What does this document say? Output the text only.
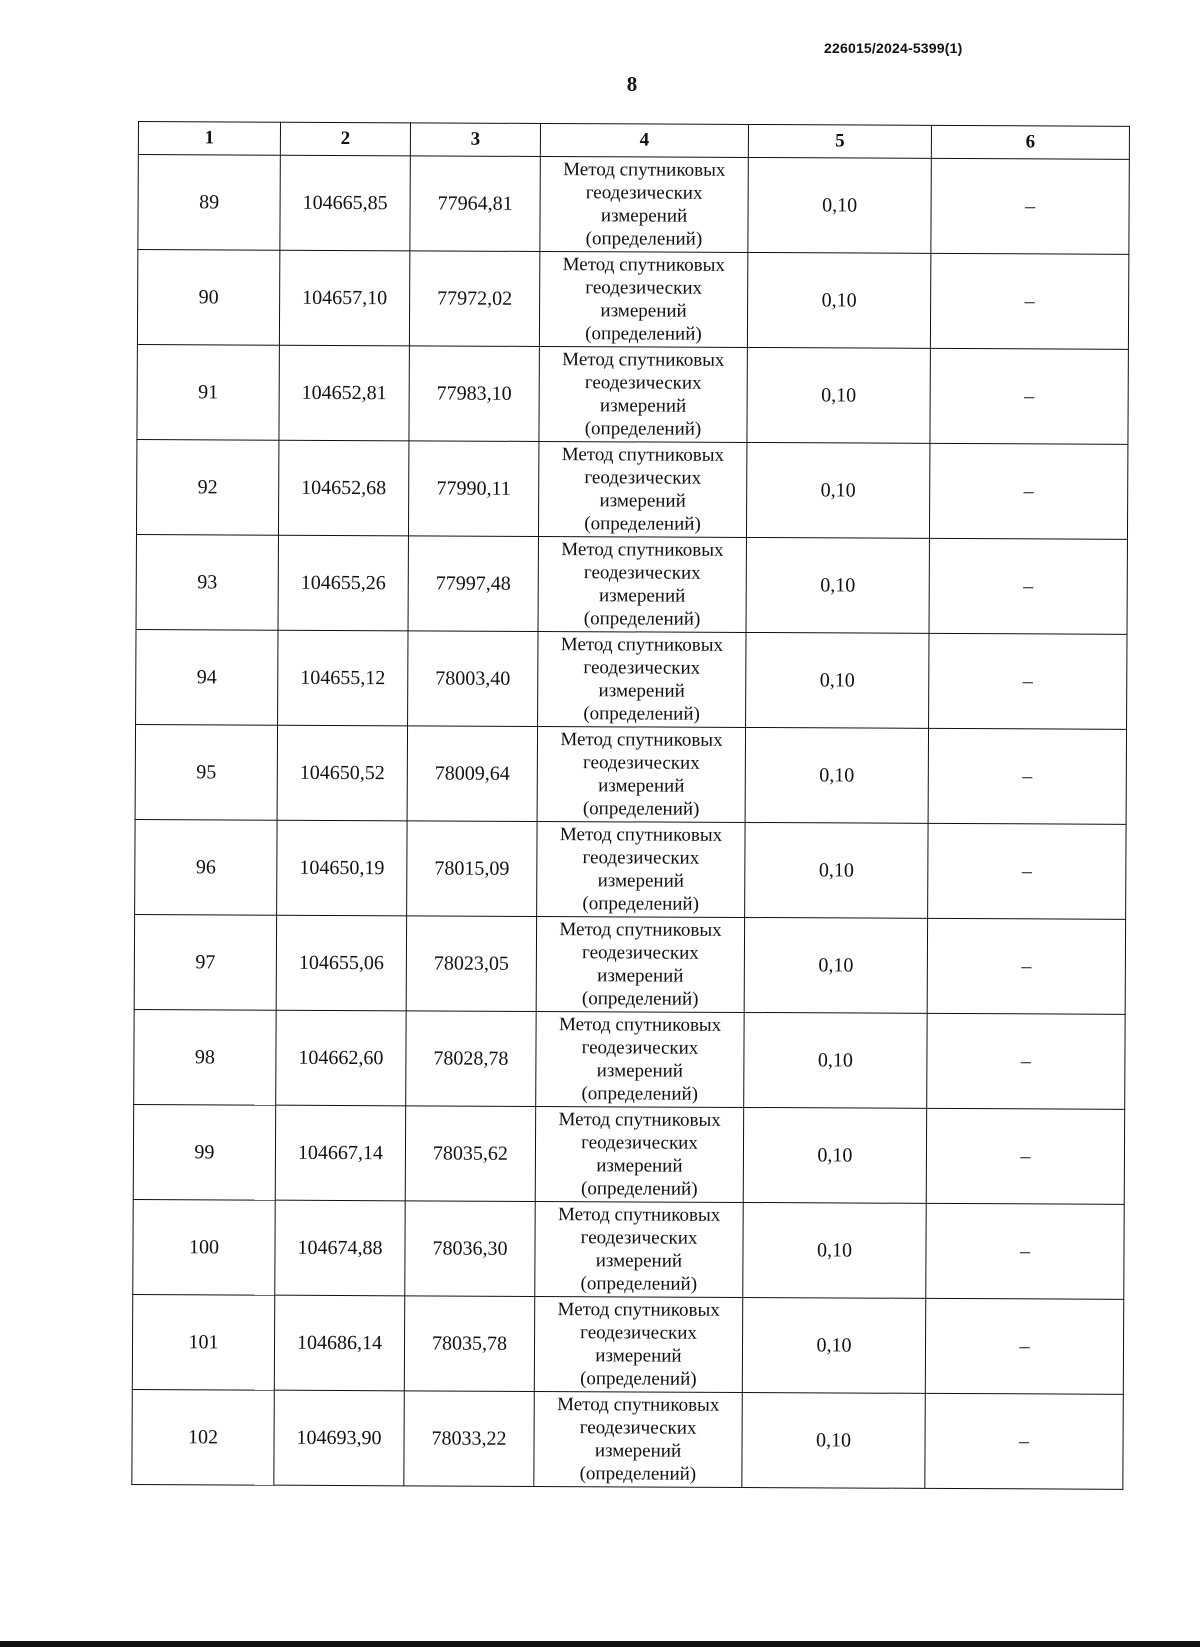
226015/2024-5399(1)
8
1	2	3	4	5	6
89	104665,85	77964,81	Метод спутниковых
геодезических
измерений
(определений)	0,10	–
90	104657,10	77972,02	Метод спутниковых
геодезических
измерений
(определений)	0,10	–
91	104652,81	77983,10	Метод спутниковых
геодезических
измерений
(определений)	0,10	–
92	104652,68	77990,11	Метод спутниковых
геодезических
измерений
(определений)	0,10	–
93	104655,26	77997,48	Метод спутниковых
геодезических
измерений
(определений)	0,10	–
94	104655,12	78003,40	Метод спутниковых
геодезических
измерений
(определений)	0,10	–
95	104650,52	78009,64	Метод спутниковых
геодезических
измерений
(определений)	0,10	–
96	104650,19	78015,09	Метод спутниковых
геодезических
измерений
(определений)	0,10	–
97	104655,06	78023,05	Метод спутниковых
геодезических
измерений
(определений)	0,10	–
98	104662,60	78028,78	Метод спутниковых
геодезических
измерений
(определений)	0,10	–
99	104667,14	78035,62	Метод спутниковых
геодезических
измерений
(определений)	0,10	–
100	104674,88	78036,30	Метод спутниковых
геодезических
измерений
(определений)	0,10	–
101	104686,14	78035,78	Метод спутниковых
геодезических
измерений
(определений)	0,10	–
102	104693,90	78033,22	Метод спутниковых
геодезических
измерений
(определений)	0,10	–
